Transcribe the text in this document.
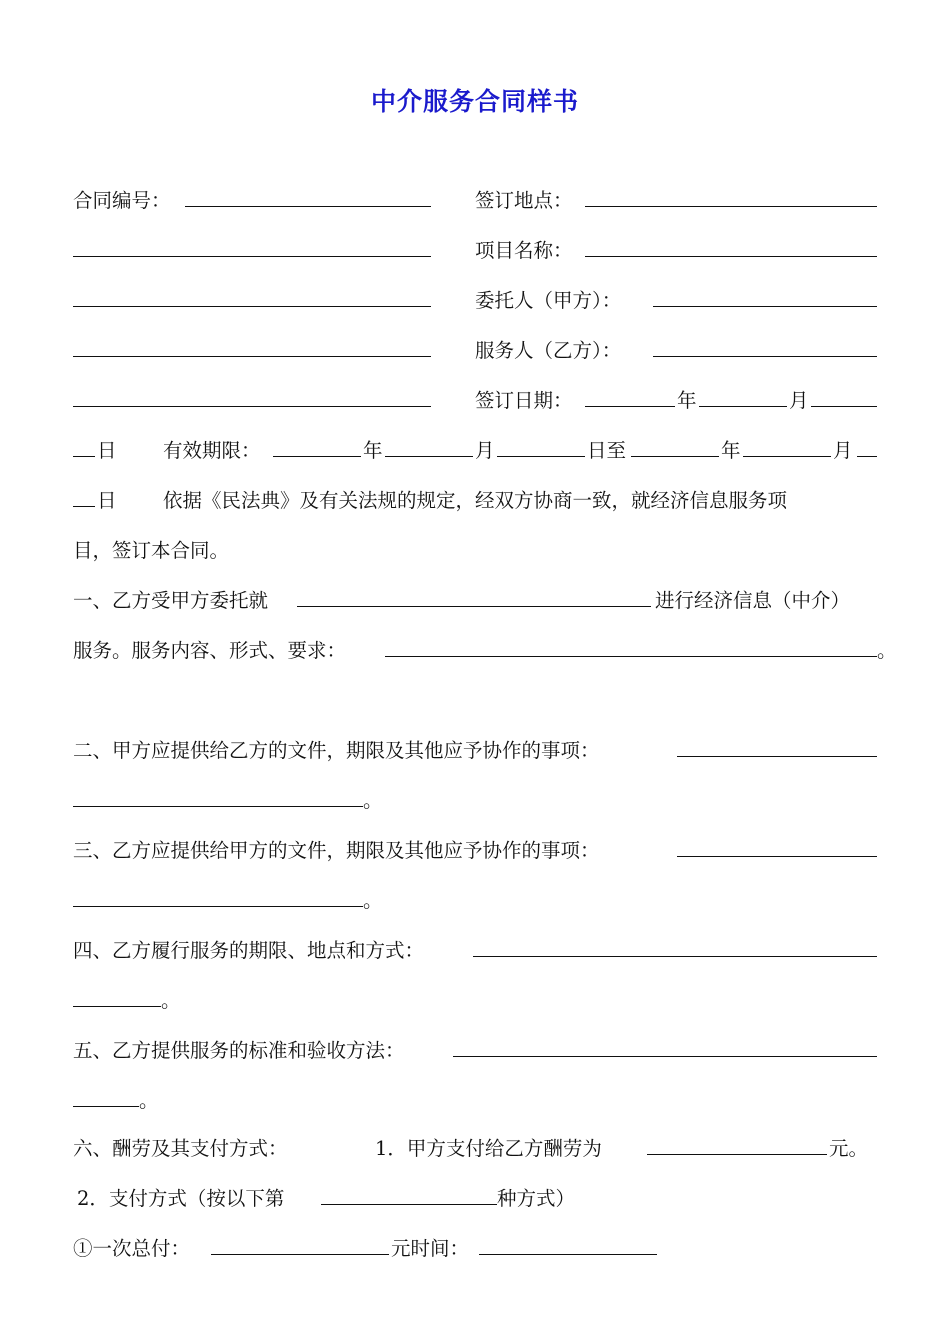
中介服务合同样书
合同编号：	签订地点：
项目名称：
委托人（甲方）：
服务人（乙方）：
签订日期：	年	月
日 有效期限：	年	月	日至	年	月
日 依据《民法典》及有关法规的规定，经双方协商一致，就经济信息服务项
目，签订本合同。
一、乙方受甲方委托就	进行经济信息（中介）
服务。服务内容、形式、要求：	。
二、甲方应提供给乙方的文件，期限及其他应予协作的事项：
。
三、乙方应提供给甲方的文件，期限及其他应予协作的事项：
。
四、乙方履行服务的期限、地点和方式：
。
五、乙方提供服务的标准和验收方法：
。
六、酬劳及其支付方式：	1．甲方支付给乙方酬劳为	元。
2．支付方式（按以下第	种方式）
①一次总付：	元时间：
